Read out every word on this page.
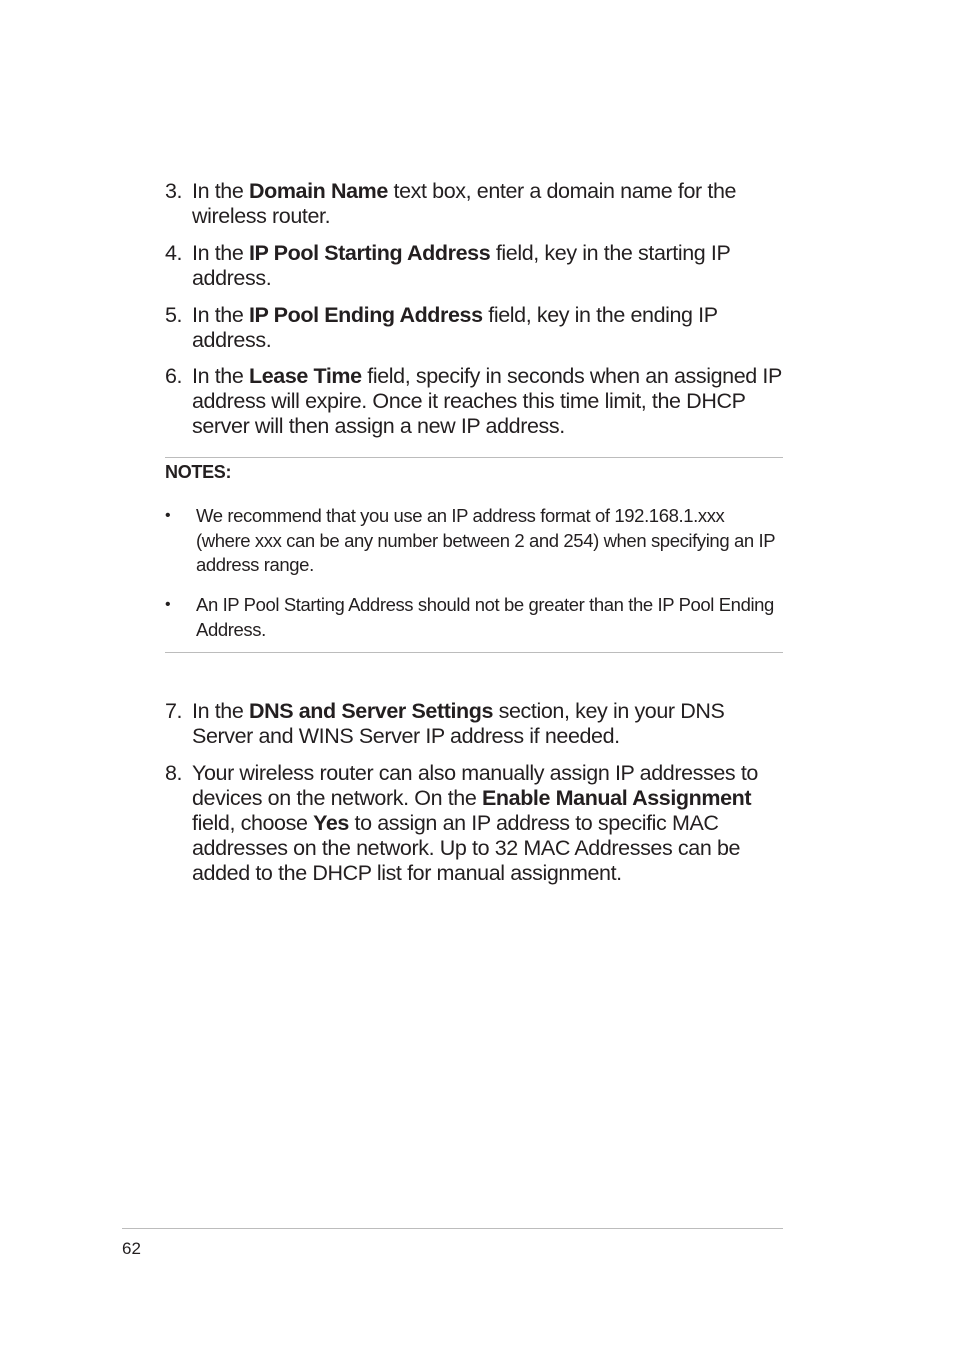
3. In the Domain Name text box, enter a domain name for the wireless router.
4. In the IP Pool Starting Address field, key in the starting IP address.
5. In the IP Pool Ending Address field, key in the ending IP address.
6. In the Lease Time field, specify in seconds when an assigned IP address will expire. Once it reaches this time limit, the DHCP server will then assign a new IP address.
NOTES:
•	We recommend that you use an IP address format of 192.168.1.xxx (where xxx can be any number between 2 and 254) when specifying an IP address range.
•	An IP Pool Starting Address should not be greater than the IP Pool Ending Address.
7. In the DNS and Server Settings section, key in your DNS Server and WINS Server IP address if needed.
8. Your wireless router can also manually assign IP addresses to devices on the network. On the Enable Manual Assignment field, choose Yes to assign an IP address to specific MAC addresses on the network. Up to 32 MAC Addresses can be added to the DHCP list for manual assignment.
62
